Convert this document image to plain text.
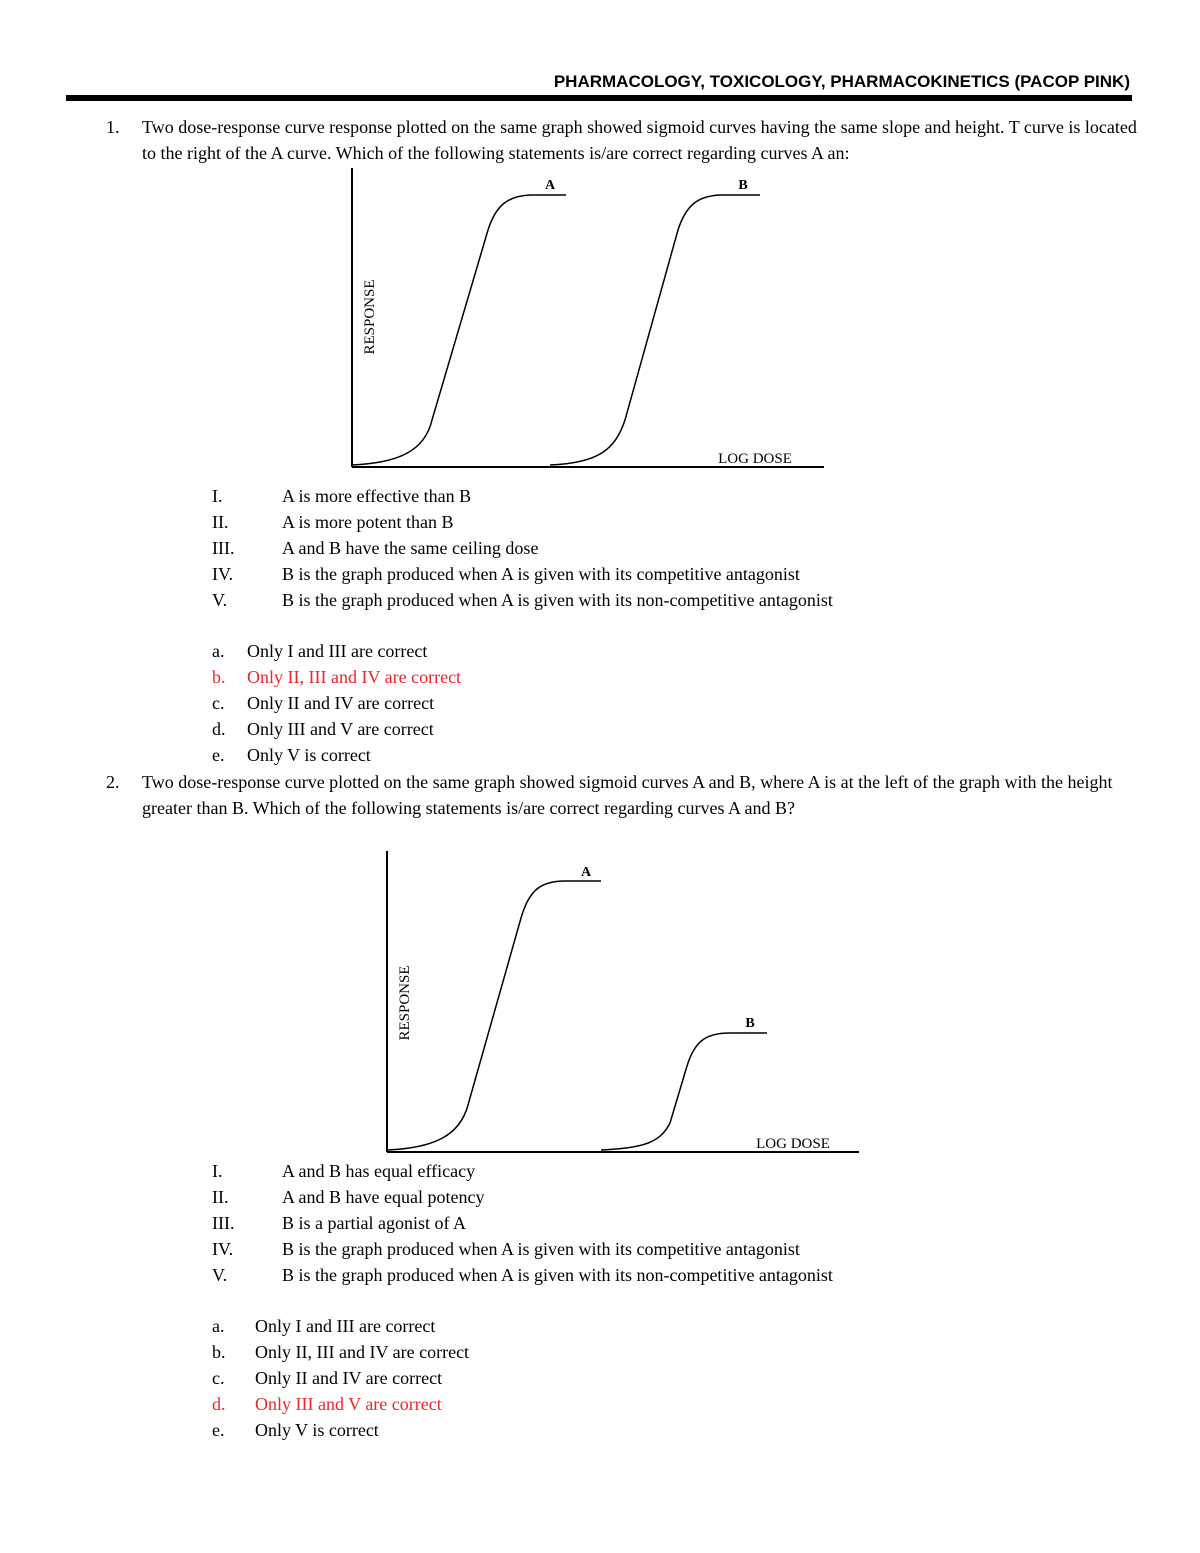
PHARMACOLOGY, TOXICOLOGY, PHARMACOKINETICS (PACOP PINK)
1.	Two dose-response curve response plotted on the same graph showed sigmoid curves having the same slope and height. T curve is located to the right of the A curve. Which of the following statements is/are correct regarding curves A an:
RESPONSE
LOG DOSE
A	B
I.	A is more effective than B
II.	A is more potent than B
III.	A and B have the same ceiling dose
IV.	B is the graph produced when A is given with its competitive antagonist
V.	B is the graph produced when A is given with its non-competitive antagonist
a.	Only I and III are correct
b.	Only II, III and IV are correct
c.	Only II and IV are correct
d.	Only III and V are correct
e.	Only V is correct
2.	Two dose-response curve plotted on the same graph showed sigmoid curves A and B, where A is at the left of the graph with the height greater than B. Which of the following statements is/are correct regarding curves A and B?
RESPONSE
LOG DOSE
A
B
I.	A and B has equal efficacy
II.	A and B have equal potency
III.	B is a partial agonist of A
IV.	B is the graph produced when A is given with its competitive antagonist
V.	B is the graph produced when A is given with its non-competitive antagonist
a.	Only I and III are correct
b.	Only II, III and IV are correct
c.	Only II and IV are correct
d.	Only III and V are correct
e.	Only V is correct
